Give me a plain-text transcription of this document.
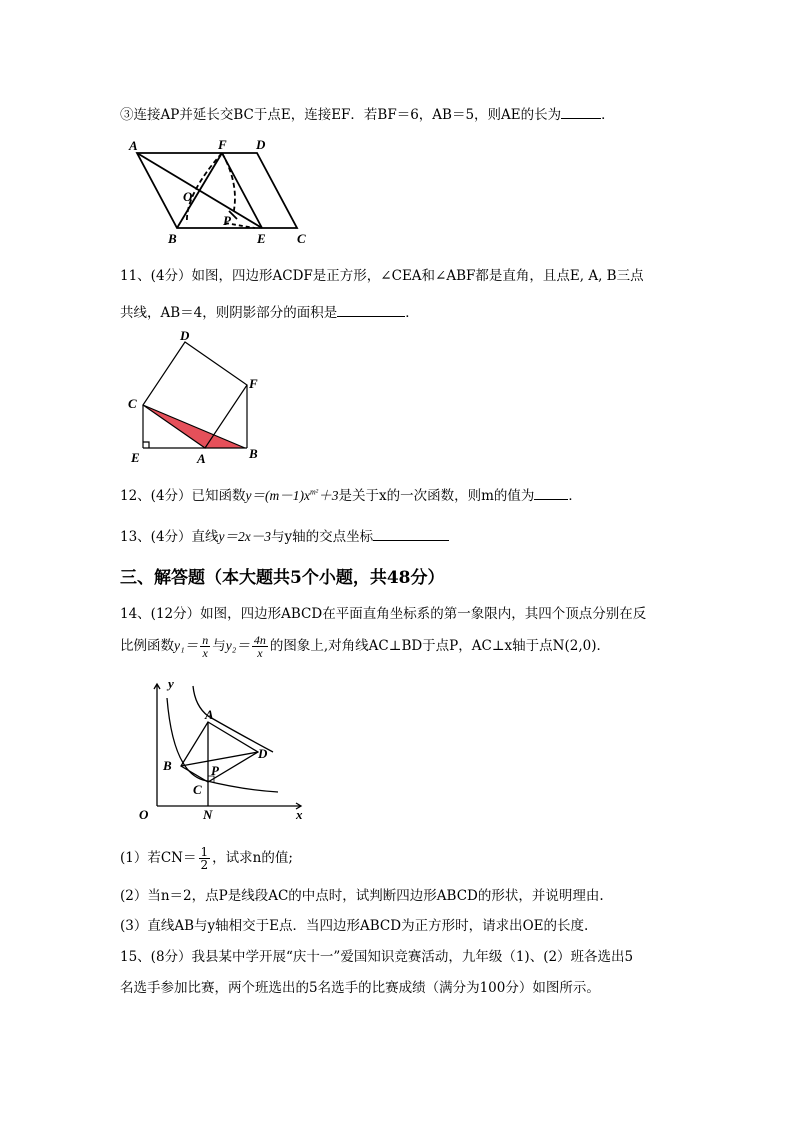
③连接AP并延长交BC于点E，连接EF．若BF＝6，AB＝5，则AE的长为	．
A	F D
O
P
B	E C
11、(4分）如图，四边形ACDF是正方形，∠CEA和∠ABF都是直角，且点E, A, B三点
共线，AB＝4，则阴影部分的面积是	．
D
F
C
E	A	B
12、(4分）已知函数$y=(m-1)x^{m^2}+3$是关于x的一次函数，则m的值为	．
13、(4分）直线y＝2x－3与y轴的交点坐标
三、解答题（本大题共5个小题，共48分）
14、(12分）如图，四边形ABCD在平面直角坐标系的第一象限内，其四个顶点分别在反
比例函数$y_1= \frac{n}{x}$ 与$y_2= \frac{4n}{x}$ 的图象上,对角线AC⊥BD于点P，AC⊥x轴于点N(2,0)．
y
x
O
A
B
C
D
P
N
(1）若$CN= \frac{1}{2}$ ，试求n的值;
(2）当n＝2，点P是线段AC的中点时，试判断四边形ABCD的形状，并说明理由.
(3）直线AB与y轴相交于E点．当四边形ABCD为正方形时，请求出OE的长度.
15、(8分）我县某中学开展“庆十一”爱国知识竞赛活动，九年级（1)、(2）班各选出5
名选手参加比赛，两个班选出的5名选手的比赛成绩（满分为100分）如图所示。
